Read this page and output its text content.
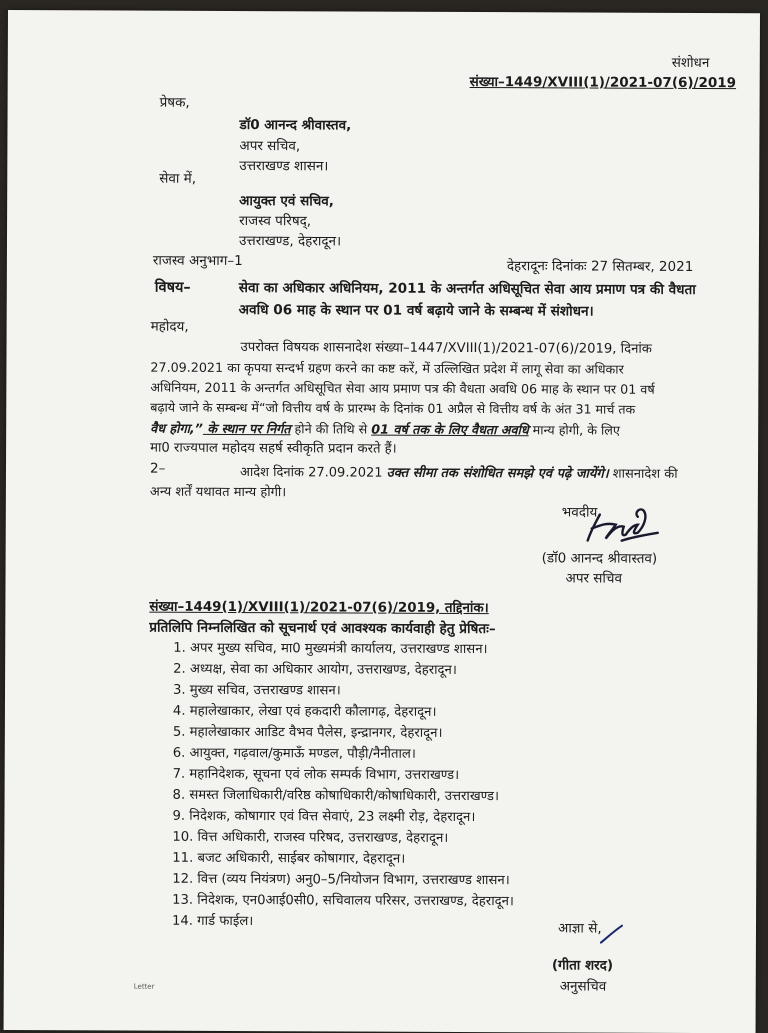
संशोधन
संख्या–1449/XVIII(1)/2021-07(6)/2019
प्रेषक,
डॉ0 आनन्द श्रीवास्तव,
अपर सचिव,
उत्तराखण्ड शासन।
सेवा में,
आयुक्त एवं सचिव,
राजस्व परिषद्,
उत्तराखण्ड, देहरादून।
राजस्व अनुभाग–1	देहरादूनः दिनांकः 27 सितम्बर, 2021
विषय–	सेवा का अधिकार अधिनियम, 2011 के अन्तर्गत अधिसूचित सेवा आय प्रमाण पत्र की वैधता
अवधि 06 माह के स्थान पर 01 वर्ष बढ़ाये जाने के सम्बन्ध में संशोधन।
महोदय,
उपरोक्त विषयक शासनादेश संख्या–1447/XVIII(1)/2021-07(6)/2019, दिनांक
27.09.2021 का कृपया सन्दर्भ ग्रहण करने का कष्ट करें, में उल्लिखित प्रदेश में लागू सेवा का अधिकार
अधिनियम, 2011 के अन्तर्गत अधिसूचित सेवा आय प्रमाण पत्र की वैधता अवधि 06 माह के स्थान पर 01 वर्ष
बढ़ाये जाने के सम्बन्ध में“जो वित्तीय वर्ष के प्रारम्भ के दिनांक 01 अप्रैल से वित्तीय वर्ष के अंत 31 मार्च तक
वैध होगा,” के स्थान पर निर्गत होने की तिथि से 01 वर्ष तक के लिए वैधता अवधि मान्य होगी, के लिए
मा0 राज्यपाल महोदय सहर्ष स्वीकृति प्रदान करते हैं।
2–	आदेश दिनांक 27.09.2021 उक्त सीमा तक संशोधित समझे एवं पढ़े जायेंगे। शासनादेश की
अन्य शर्तें यथावत मान्य होगी।
भवदीय,
(डॉ0 आनन्द श्रीवास्तव)
अपर सचिव
संख्या–1449(1)/XVIII(1)/2021-07(6)/2019, तद्दिनांक।
प्रतिलिपि निम्नलिखित को सूचनार्थ एवं आवश्यक कार्यवाही हेतु प्रेषितः–
1. अपर मुख्य सचिव, मा0 मुख्यमंत्री कार्यालय, उत्तराखण्ड शासन।
2. अध्यक्ष, सेवा का अधिकार आयोग, उत्तराखण्ड, देहरादून।
3. मुख्य सचिव, उत्तराखण्ड शासन।
4. महालेखाकार, लेखा एवं हकदारी कौलागढ़, देहरादून।
5. महालेखाकार आडिट वैभव पैलेस, इन्द्रानगर, देहरादून।
6. आयुक्त, गढ़वाल/कुमाऊँ मण्डल, पौड़ी/नैनीताल।
7. महानिदेशक, सूचना एवं लोक सम्पर्क विभाग, उत्तराखण्ड।
8. समस्त जिलाधिकारी/वरिष्ठ कोषाधिकारी/कोषाधिकारी, उत्तराखण्ड।
9. निदेशक, कोषागार एवं वित्त सेवाएं, 23 लक्ष्मी रोड़, देहरादून।
10. वित्त अधिकारी, राजस्व परिषद, उत्तराखण्ड, देहरादून।
11. बजट अधिकारी, साईबर कोषागार, देहरादून।
12. वित्त (व्यय नियंत्रण) अनु0–5/नियोजन विभाग, उत्तराखण्ड शासन।
13. निदेशक, एन0आई0सी0, सचिवालय परिसर, उत्तराखण्ड, देहरादून।
14. गार्ड फाईल।	आज्ञा से,
(गीता शरद)
अनुसचिव
Letter
